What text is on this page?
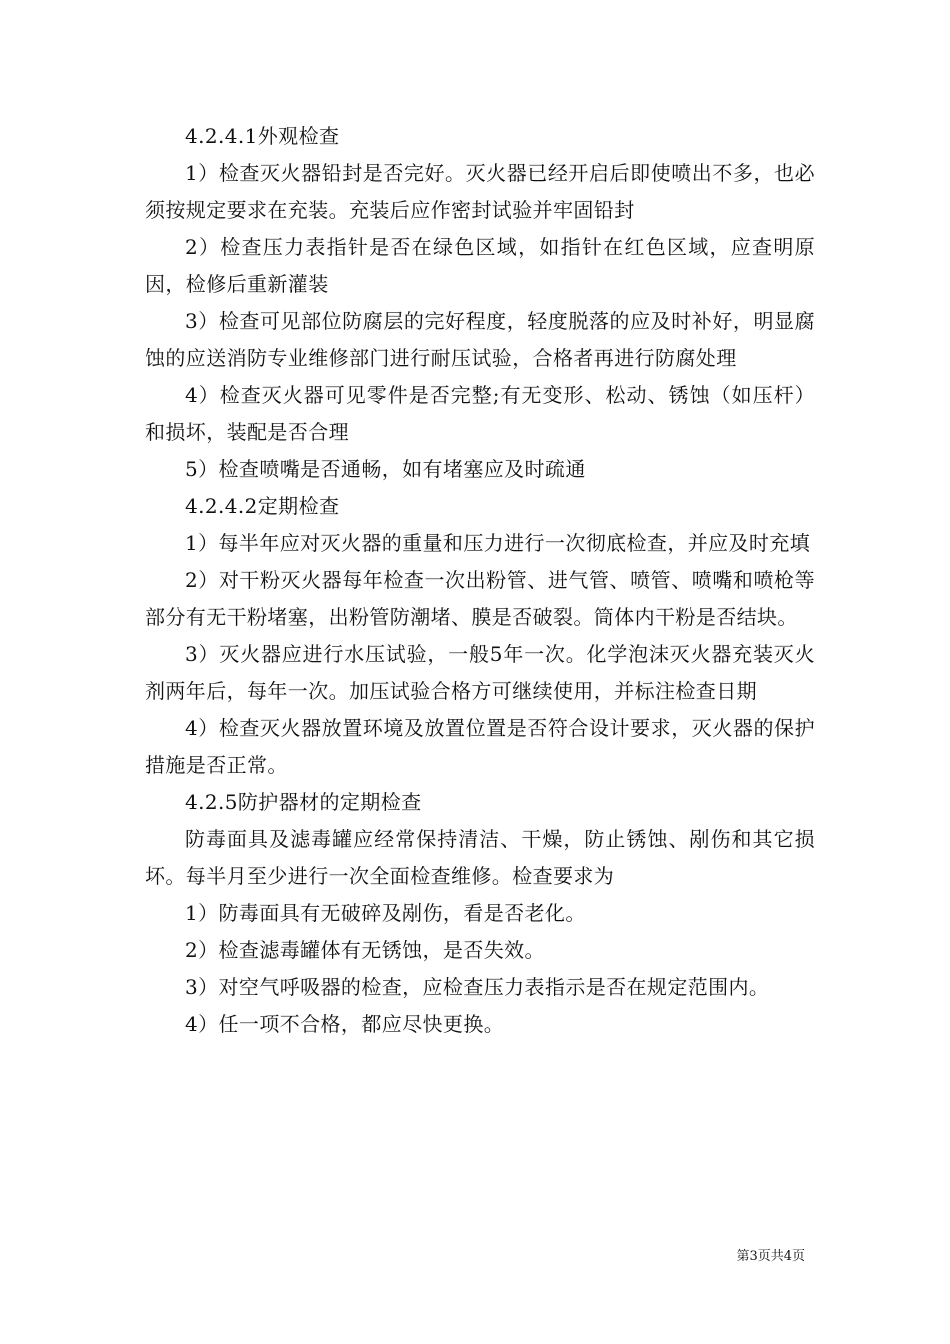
4.2.4.1外观检查

1）检查灭火器铅封是否完好。灭火器已经开启后即使喷出不多，也必须按规定要求在充装。充装后应作密封试验并牢固铅封

2）检查压力表指针是否在绿色区域，如指针在红色区域，应查明原因，检修后重新灌装

3）检查可见部位防腐层的完好程度，轻度脱落的应及时补好，明显腐蚀的应送消防专业维修部门进行耐压试验，合格者再进行防腐处理

4）检查灭火器可见零件是否完整;有无变形、松动、锈蚀（如压杆）和损坏，装配是否合理

5）检查喷嘴是否通畅，如有堵塞应及时疏通

4.2.4.2定期检查

1）每半年应对灭火器的重量和压力进行一次彻底检查，并应及时充填

2）对干粉灭火器每年检查一次出粉管、进气管、喷管、喷嘴和喷枪等部分有无干粉堵塞，出粉管防潮堵、膜是否破裂。筒体内干粉是否结块。

3）灭火器应进行水压试验，一般5年一次。化学泡沫灭火器充装灭火剂两年后，每年一次。加压试验合格方可继续使用，并标注检查日期

4）检查灭火器放置环境及放置位置是否符合设计要求，灭火器的保护措施是否正常。

4.2.5防护器材的定期检查

防毒面具及滤毒罐应经常保持清洁、干燥，防止锈蚀、剐伤和其它损坏。每半月至少进行一次全面检查维修。检查要求为

1）防毒面具有无破碎及剐伤，看是否老化。

2）检查滤毒罐体有无锈蚀，是否失效。

3）对空气呼吸器的检查，应检查压力表指示是否在规定范围内。

4）任一项不合格，都应尽快更换。

第3页共4页
